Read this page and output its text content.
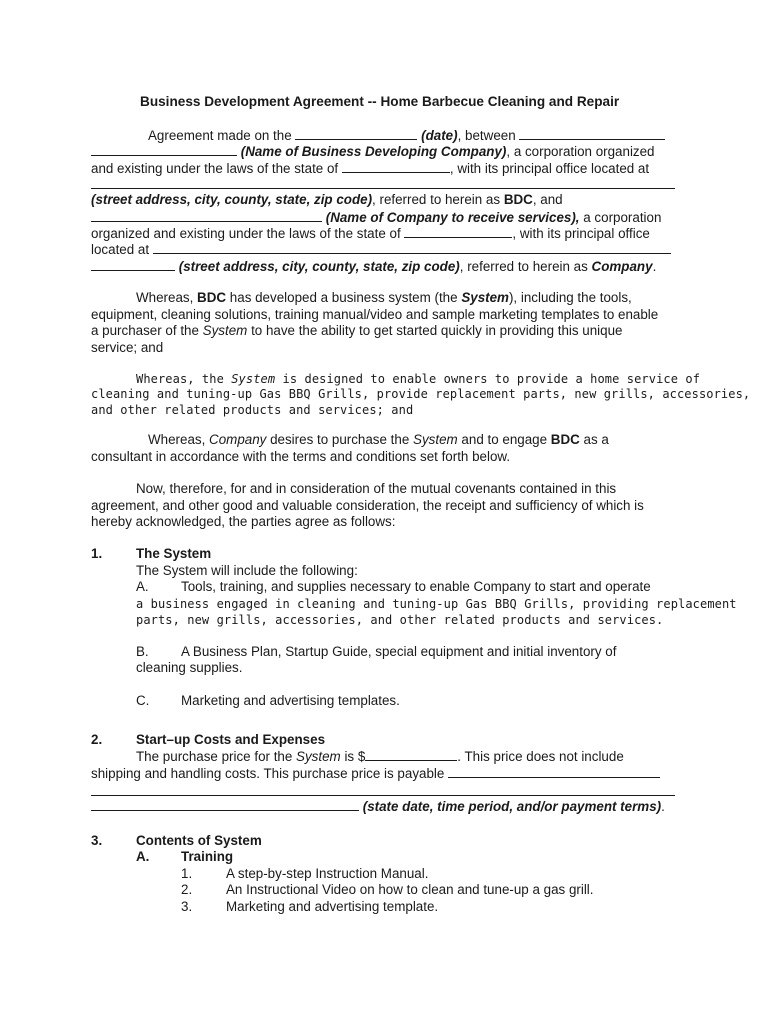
Business Development Agreement -- Home Barbecue Cleaning and Repair
Agreement made on the	(date), between
(Name of Business Developing Company), a corporation organized
and existing under the laws of the state of	, with its principal office located at
(street address, city, county, state, zip code), referred to herein as BDC, and
(Name of Company to receive services), a corporation
organized and existing under the laws of the state of	, with its principal office
located at
(street address, city, county, state, zip code), referred to herein as Company.
Whereas, BDC has developed a business system (the System), including the tools,
equipment, cleaning solutions, training manual/video and sample marketing templates to enable
a purchaser of the System to have the ability to get started quickly in providing this unique
service; and
Whereas, the System is designed to enable owners to provide a home service of
cleaning and tuning-up Gas BBQ Grills, provide replacement parts, new grills, accessories,
and other related products and services; and
Whereas, Company desires to purchase the System and to engage BDC as a
consultant in accordance with the terms and conditions set forth below.
Now, therefore, for and in consideration of the mutual covenants contained in this
agreement, and other good and valuable consideration, the receipt and sufficiency of which is
hereby acknowledged, the parties agree as follows:
1.	The System
The System will include the following:
A. Tools, training, and supplies necessary to enable Company to start and operate
a business engaged in cleaning and tuning-up Gas BBQ Grills, providing replacement
parts, new grills, accessories, and other related products and services.
B. A Business Plan, Startup Guide, special equipment and initial inventory of
cleaning supplies.
C. Marketing and advertising templates.
2.	Start–up Costs and Expenses
The purchase price for the System is $	. This price does not include
shipping and handling costs. This purchase price is payable
(state date, time period, and/or payment terms).
3.	Contents of System
A. Training
1.	A step-by-step Instruction Manual.
2.	An Instructional Video on how to clean and tune-up a gas grill.
3.	Marketing and advertising template.
